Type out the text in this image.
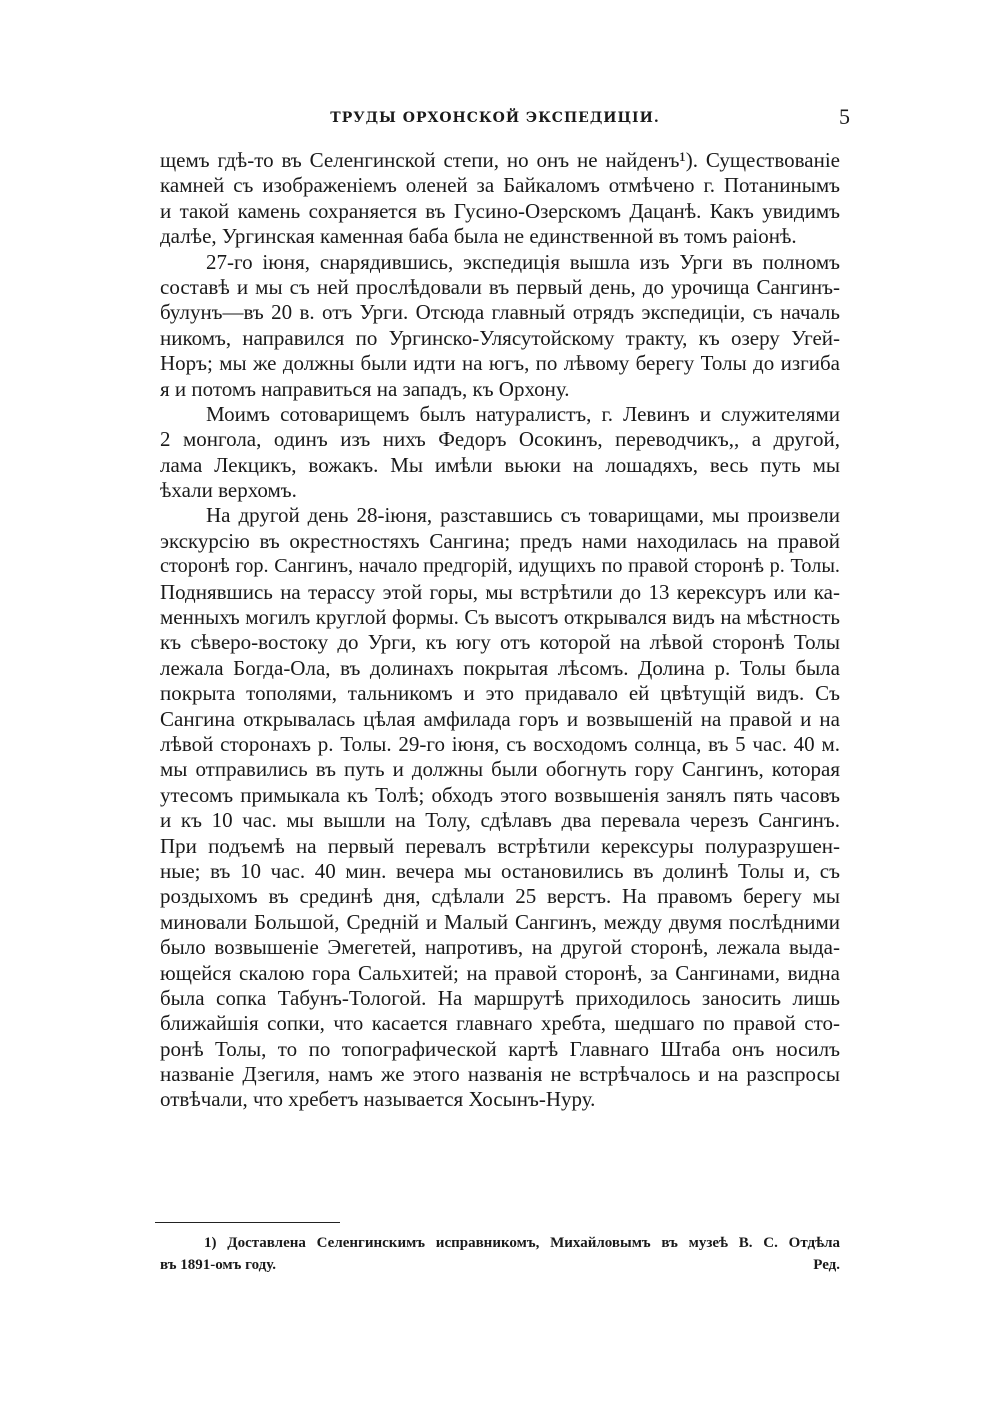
ТРУДЫ ОРХОНСКОЙ ЭКСПЕДИЦIИ.	5
щемъ гдѣ-то въ Селенгинской степи, но онъ не найденъ¹). Существованiе
камней съ изображенiемъ оленей за Байкаломъ отмѣчено г. Потанинымъ
и такой камень сохраняется въ Гусино-Озерскомъ Дацанѣ. Какъ увидимъ
далѣе, Ургинская каменная баба была не единственной въ томъ раiонѣ.
27-го iюня, снарядившись, экспедицiя вышла изъ Урги въ полномъ
составѣ и мы съ ней прослѣдовали въ первый день, до урочища Сангинъ-
булунъ—въ 20 в. отъ Урги. Отсюда главный отрядъ экспедицiи, съ началь
никомъ, направился по Ургинско-Улясутойскому тракту, къ озеру Угей-
Норъ; мы же должны были идти на югъ, по лѣвому берегу Толы до изгиба
я и потомъ направиться на западъ, къ Орхону.
Моимъ сотоварищемъ былъ натуралистъ, г. Левинъ и служителями
2 монгола, одинъ изъ нихъ Федоръ Осокинъ, переводчикъ,, а другой,
лама Лекцикъ, вожакъ. Мы имѣли вьюки на лошадяхъ, весь путь мы
ѣхали верхомъ.
На другой день 28-iюня, разставшись съ товарищами, мы произвели
экскурсiю въ окрестностяхъ Сангина; предъ нами находилась на правой
сторонѣ гор. Сангинъ, начало предгорiй, идущихъ по правой сторонѣ р. Толы.
Поднявшись на терассу этой горы, мы встрѣтили до 13 керексуръ или ка-
менныхъ могилъ круглой формы. Съ высотъ открывался видъ на мѣстность
къ сѣверо-востоку до Урги, къ югу отъ которой на лѣвой сторонѣ Толы
лежала Богда-Ола, въ долинахъ покрытая лѣсомъ. Долина р. Толы была
покрыта тополями, тальникомъ и это придавало ей цвѣтущiй видъ. Съ
Сангина открывалась цѣлая амфилада горъ и возвышенiй на правой и на
лѣвой сторонахъ р. Толы. 29-го iюня, съ восходомъ солнца, въ 5 час. 40 м.
мы отправились въ путь и должны были обогнуть гору Сангинъ, которая
утесомъ примыкала къ Толѣ; обходъ этого возвышенiя занялъ пять часовъ
и къ 10 час. мы вышли на Толу, сдѣлавъ два перевала черезъ Сангинъ.
При подъемѣ на первый перевалъ встрѣтили керексуры полуразрушен-
ные; въ 10 час. 40 мин. вечера мы остановились въ долинѣ Толы и, съ
роздыхомъ въ срединѣ дня, сдѣлали 25 верстъ. На правомъ берегу мы
миновали Большой, Среднiй и Малый Сангинъ, между двумя послѣдними
было возвышенiе Эмегетей, напротивъ, на другой сторонѣ, лежала выда-
ющейся скалою гора Сальхитей; на правой сторонѣ, за Сангинами, видна
была сопка Табунъ-Тологой. На маршрутѣ приходилось заносить лишь
ближайшiя сопки, что касается главнаго хребта, шедшаго по правой сто-
ронѣ Толы, то по топографической картѣ Главнаго Штаба онъ носилъ
названiе Дзегиля, намъ же этого названiя не встрѣчалось и на разспросы
отвѣчали, что хребетъ называется Хосынъ-Нуру.
1) Доставлена Селенгинскимъ исправникомъ, Михайловымъ въ музеѣ В. С. Отдѣла
въ 1891-омъ году.	Ред.
